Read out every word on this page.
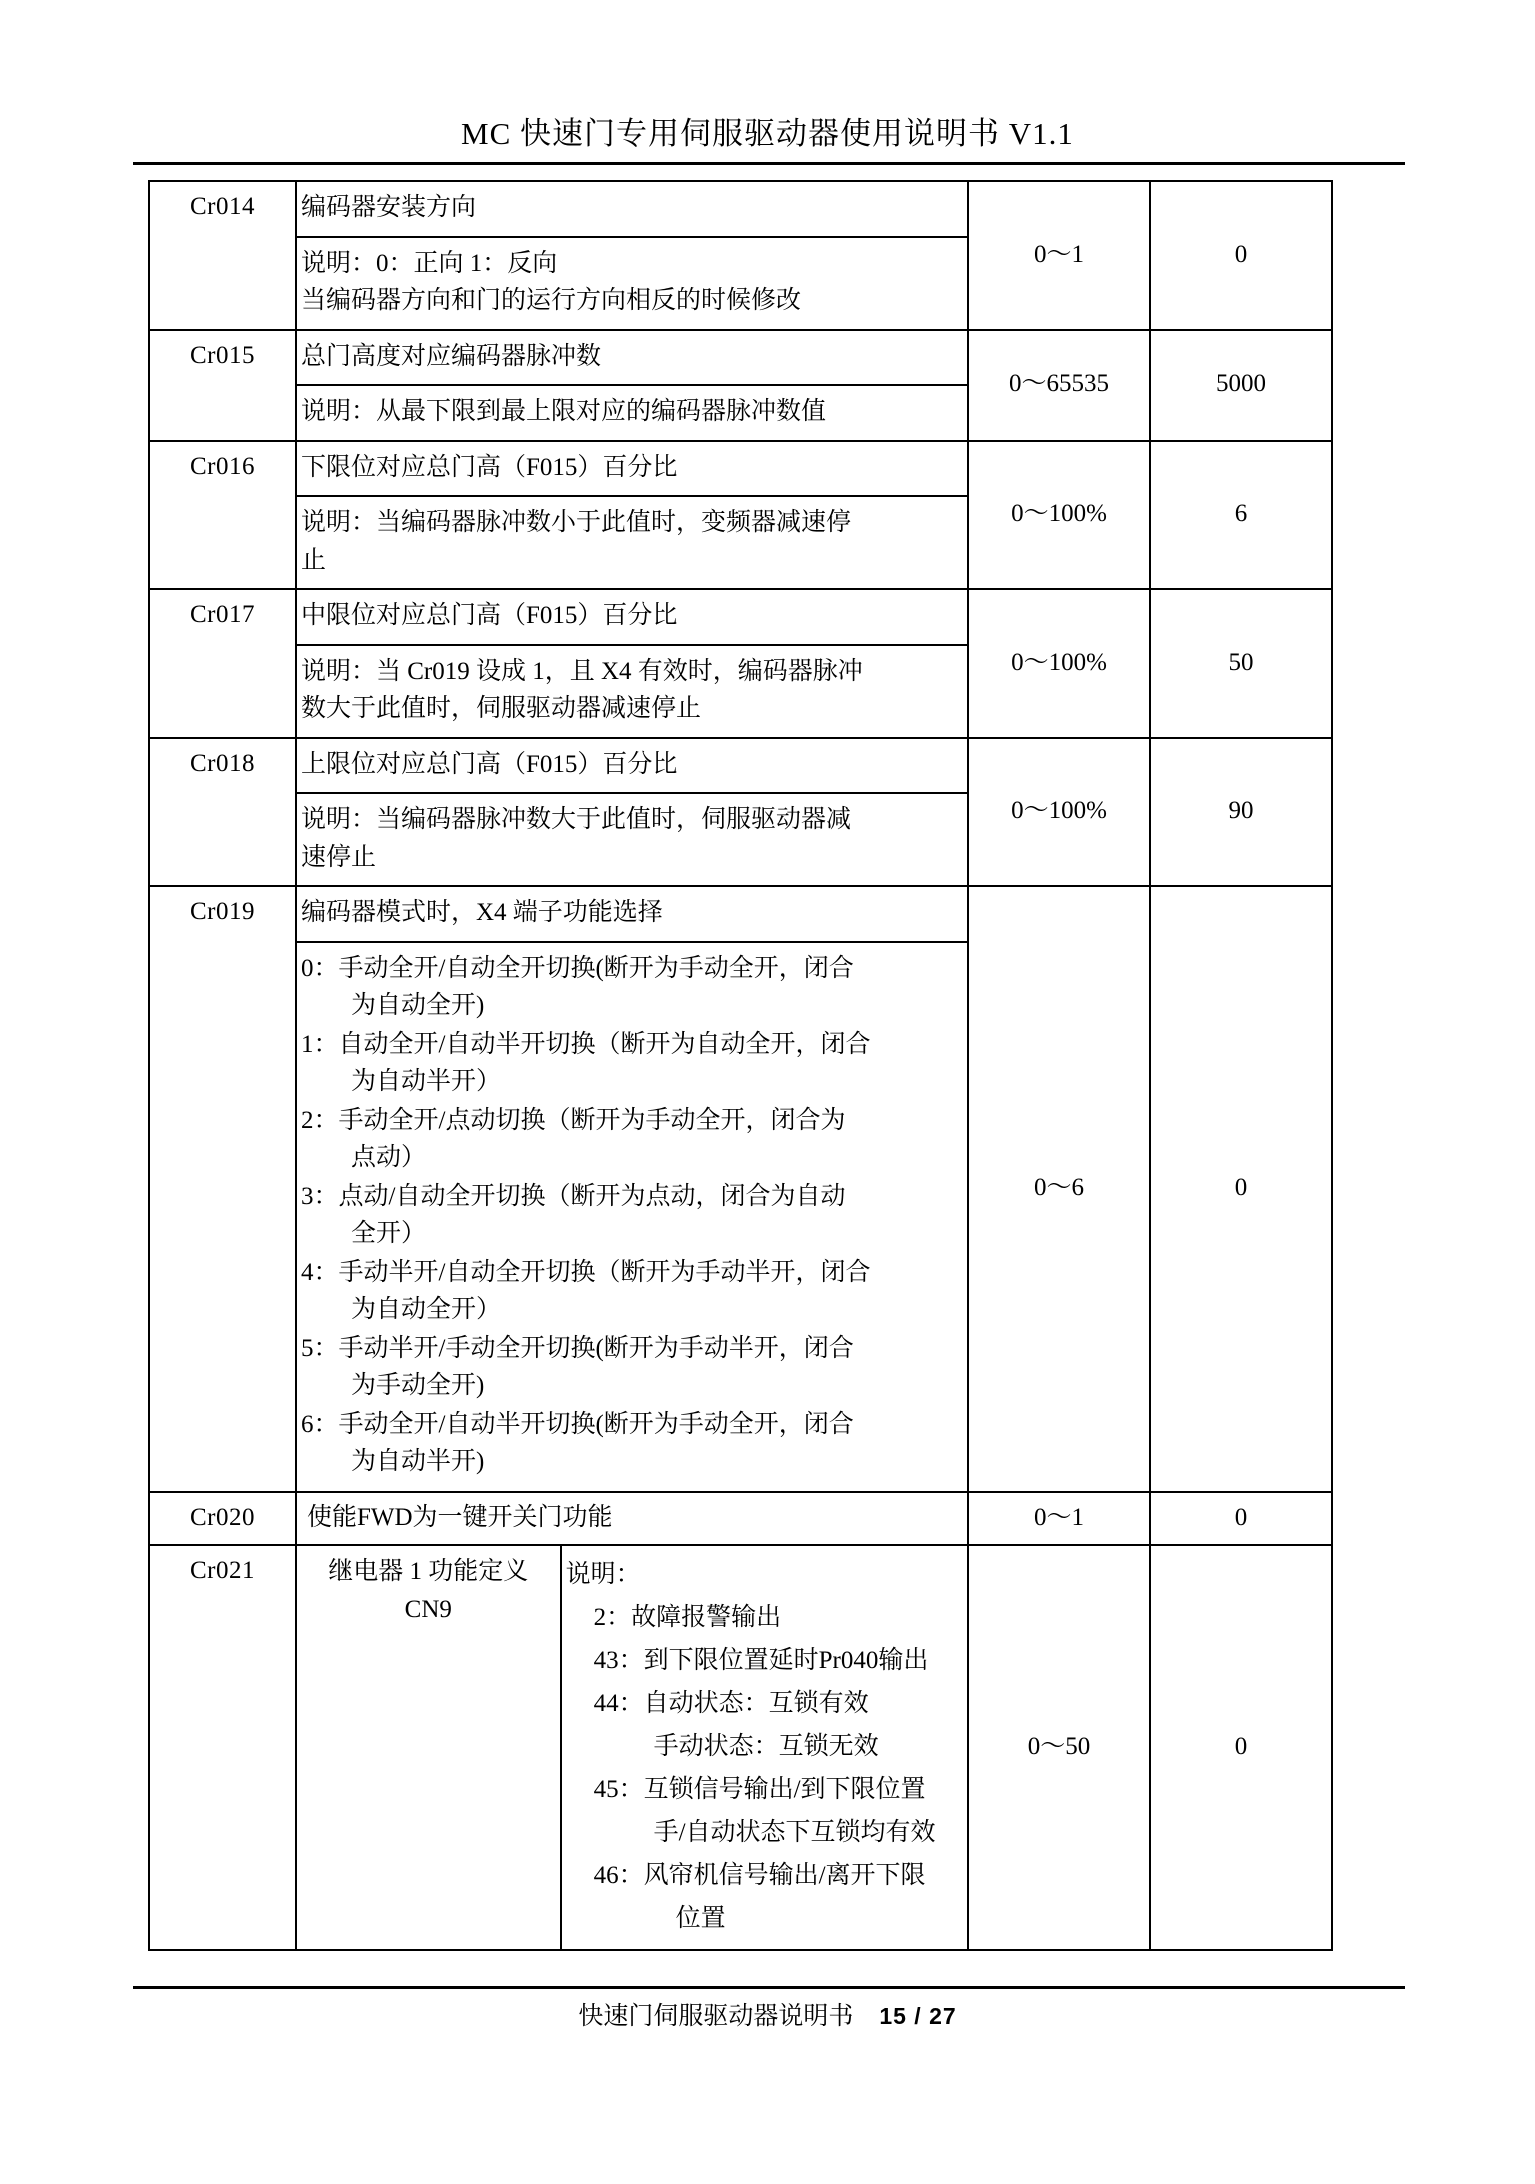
MC 快速门专用伺服驱动器使用说明书 V1.1
Cr014	编码器安装方向

说明：0：正向 1：反向
当编码器方向和门的运行方向相反的时候修改
	0～1	0
Cr015	总门高度对应编码器脉冲数
说明：从最下限到最上限对应的编码器脉冲数值
	0～65535	5000
Cr016	下限位对应总门高（F015）百分比

说明：当编码器脉冲数小于此值时，变频器减速停
止
	0～100%	6
Cr017	中限位对应总门高（F015）百分比

说明：当 Cr019 设成 1，且 X4 有效时，编码器脉冲
数大于此值时，伺服驱动器减速停止
	0～100%	50
Cr018	上限位对应总门高（F015）百分比

说明：当编码器脉冲数大于此值时，伺服驱动器减
速停止
	0～100%	90
Cr019	编码器模式时，X4 端子功能选择

0： 手动全开/自动全开切换(断开为手动全开，闭合
为自动全开)
1： 自动全开/自动半开切换（断开为自动全开，闭合
为自动半开）
2： 手动全开/点动切换（断开为手动全开，闭合为
点动）
3： 点动/自动全开切换（断开为点动，闭合为自动
全开）
4： 手动半开/自动全开切换（断开为手动半开，闭合
为自动全开）
5： 手动半开/手动全开切换(断开为手动半开，闭合
为手动全开)
6： 手动全开/自动半开切换(断开为手动全开，闭合
为自动半开)
	0～6	0
Cr020	使能FWD为一键开关门功能	0～1	0
Cr021		继电器 1 功能定义
CN9

说明：
2：故障报警输出
43：到下限位置延时Pr040输出
44：自动状态：互锁有效
手动状态：互锁无效
45：互锁信号输出/到下限位置
手/自动状态下互锁均有效
46：风帘机信号输出/离开下限
位置
	0～50	0
快速门伺服驱动器说明书 15 / 27
